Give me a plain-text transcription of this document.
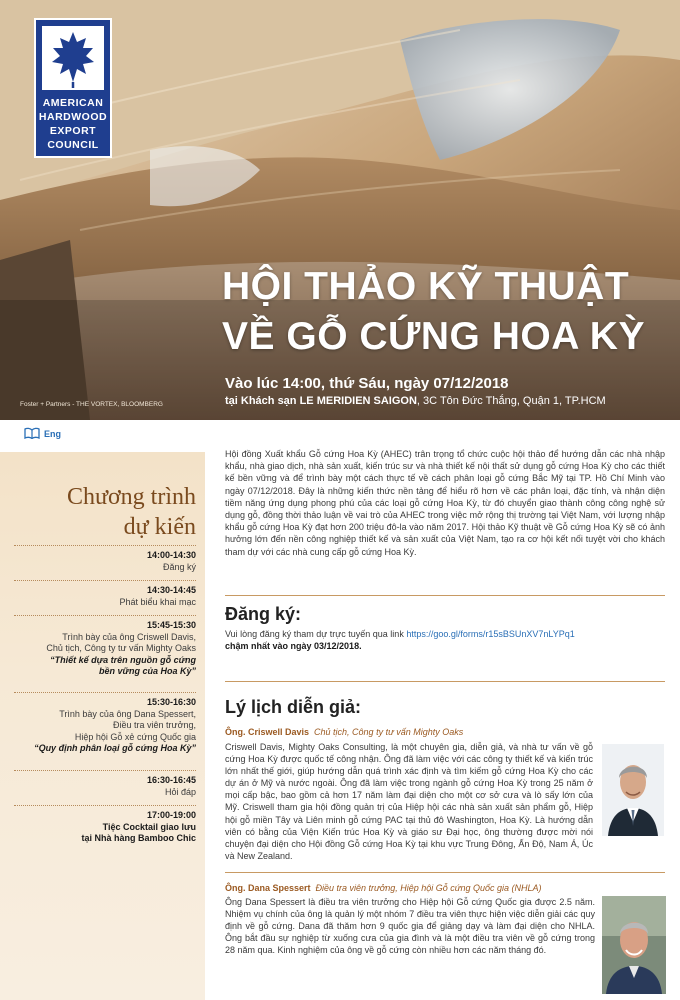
AMERICAN
HARDWOOD
EXPORT
COUNCIL
HỘI THẢO KỸ THUẬT
VỀ GỖ CỨNG HOA KỲ
Vào lúc 14:00, thứ Sáu, ngày 07/12/2018
tại Khách sạn LE MERIDIEN SAIGON, 3C Tôn Đức Thắng, Quận 1, TP.HCM
Foster + Partners - THE VORTEX, BLOOMBERG
Eng
Chương trình
dự kiến
14:00-14:30
Đăng ký
14:30-14:45
Phát biểu khai mạc
15:45-15:30
Trình bày của ông Criswell Davis,
Chủ tịch, Công ty tư vấn Mighty Oaks
“Thiết kế dựa trên nguồn gỗ cứng
bền vững của Hoa Kỳ”
15:30-16:30
Trình bày của ông Dana Spessert,
Điều tra viên trưởng,
Hiệp hội Gỗ xẻ cứng Quốc gia
“Quy định phân loại gỗ cứng Hoa Kỳ”
16:30-16:45
Hỏi đáp
17:00-19:00
Tiệc Cocktail giao lưu
tại Nhà hàng Bamboo Chic
Hội đồng Xuất khẩu Gỗ cứng Hoa Kỳ (AHEC) trân trọng tổ chức cuộc hội thảo để hướng dẫn các nhà nhập khẩu, nhà giao dịch, nhà sản xuất, kiến trúc sư và nhà thiết kế nội thất sử dụng gỗ cứng Hoa Kỳ cho các thiết kế bền vững và để trình bày một cách thực tế về cách phân loại gỗ cứng Bắc Mỹ tại TP. Hồ Chí Minh vào ngày 07/12/2018. Đây là những kiến thức nền tảng để hiểu rõ hơn về các phân loại, đặc tính, và nhận diện tiềm năng ứng dụng phong phú của các loại gỗ cứng Hoa Kỳ, từ đó chuyển giao thành công công nghệ sử dụng gỗ, đồng thời thảo luận về vai trò của AHEC trong việc mở rộng thị trường tại Việt Nam, với lượng nhập khẩu gỗ cứng Hoa Kỳ đạt hơn 200 triệu đô-la vào năm 2017. Hội thảo Kỹ thuật về Gỗ cứng Hoa Kỳ sẽ có ảnh hưởng lớn đến nền công nghiệp thiết kế và sản xuất của Việt Nam, tạo ra cơ hội kết nối tuyệt vời cho khách tham dự với các nhà cung cấp gỗ cứng Hoa Kỳ.
Đăng ký:
Vui lòng đăng ký tham dự trực tuyến qua link https://goo.gl/forms/r15sBSUnXV7nLYPq1
chậm nhất vào ngày 03/12/2018.
Lý lịch diễn giả:
Ông. Criswell Davis Chủ tịch, Công ty tư vấn Mighty Oaks
Criswell Davis, Mighty Oaks Consulting, là một chuyên gia, diễn giả, và nhà tư vấn về gỗ cứng Hoa Kỳ được quốc tế công nhận. Ông đã làm việc với các công ty thiết kế và kiến trúc lớn nhất thế giới, giúp hướng dẫn quá trình xác định và tìm kiếm gỗ cứng Hoa Kỳ cho các dự án ở Mỹ và nước ngoài. Ông đã làm việc trong ngành gỗ cứng Hoa Kỳ trong 25 năm ở mọi cấp bậc, bao gồm cả hơn 17 năm làm đại diện cho một cơ sở cưa và lò sấy lớn của Mỹ. Criswell tham gia hội đồng quản trị của Hiệp hội các nhà sản xuất sản phẩm gỗ, Hiệp hội gỗ miền Tây và Liên minh gỗ cứng PAC tại thủ đô Washington, Hoa Kỳ. Là hướng dẫn viên có bằng của Viện Kiến trúc Hoa Kỳ và giáo sư Đại học, ông thường được mời nói chuyện đại diện cho Hội đồng Gỗ cứng Hoa Kỳ tại khu vực Trung Đông, Ấn Độ, Nam Á, Úc và New Zealand.
Ông. Dana Spessert Điều tra viên trưởng, Hiệp hội Gỗ cứng Quốc gia (NHLA)
Ông Dana Spessert là điều tra viên trưởng cho Hiệp hội Gỗ cứng Quốc gia được 2.5 năm. Nhiệm vụ chính của ông là quản lý một nhóm 7 điều tra viên thực hiện việc diễn giải các quy định về gỗ cứng. Dana đã thăm hơn 9 quốc gia để giảng dạy và làm đại diện cho NHLA. Ông bắt đầu sự nghiệp từ xuống cưa của gia đình và là một điều tra viên về gỗ cứng trong 28 năm qua. Kinh nghiệm của ông về gỗ cứng còn nhiều hơn các năm tháng đó.
